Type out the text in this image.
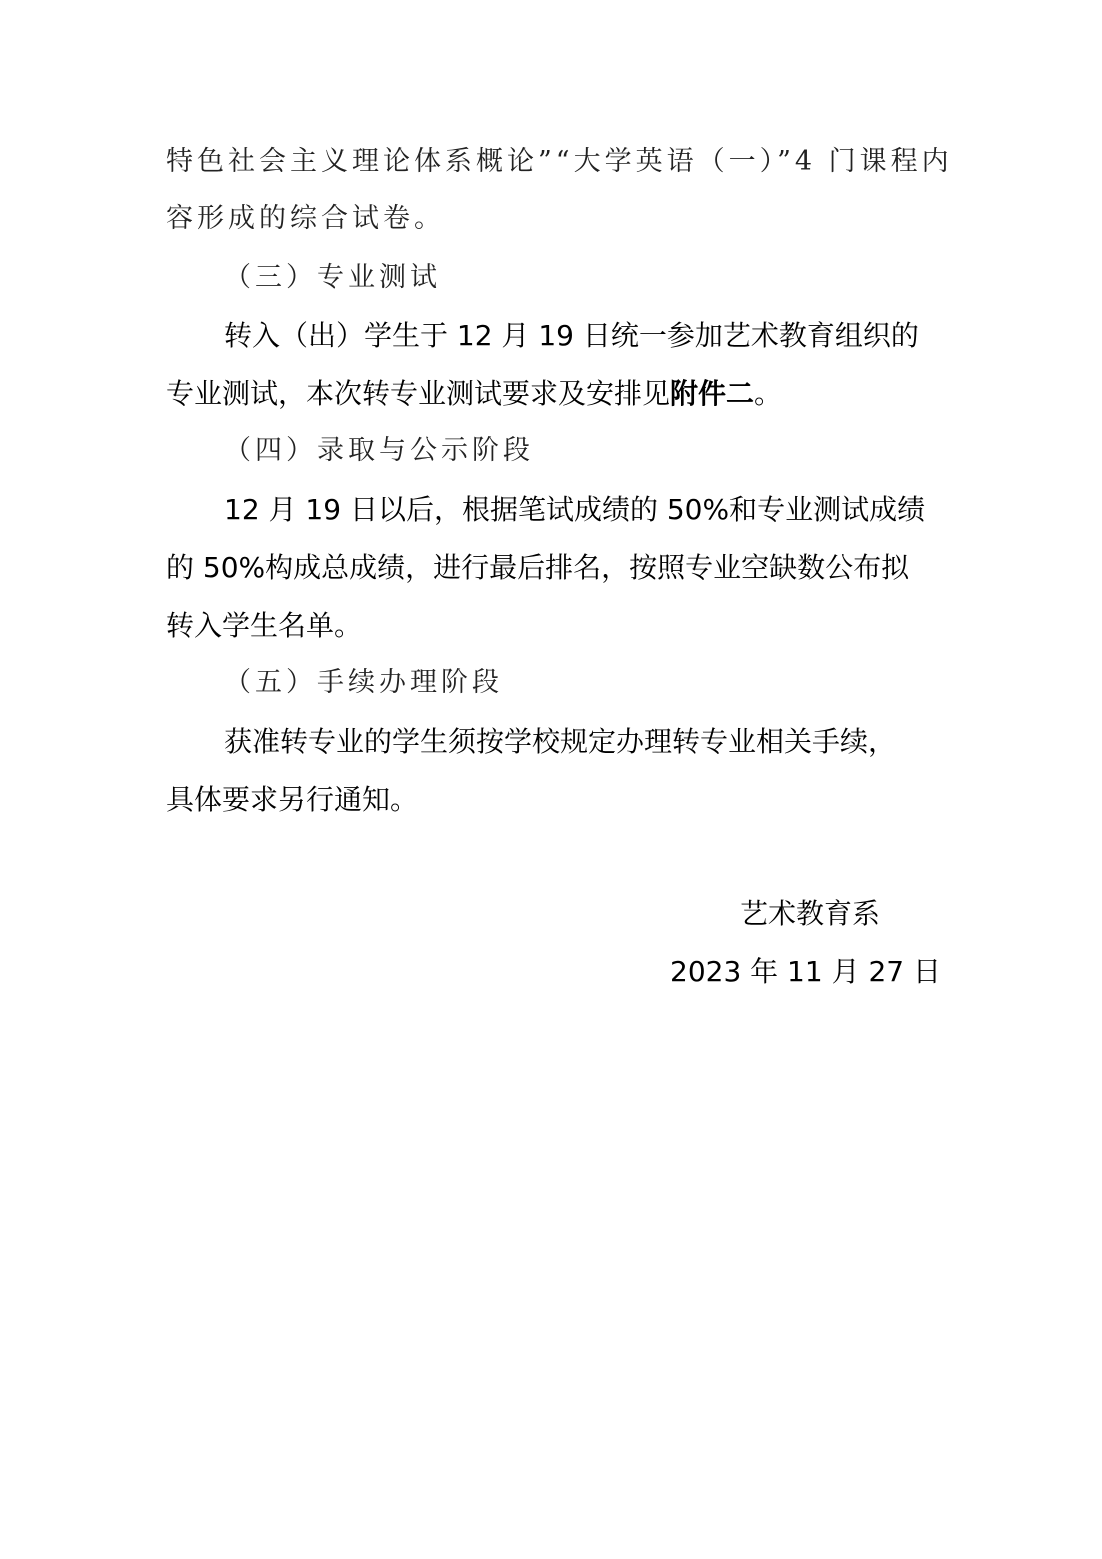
特色社会主义理论体系概论”“大学英语（一）”4 门课程内
容形成的综合试卷。
（三）专业测试
转入（出）学生于 12 月 19 日统一参加艺术教育组织的
专业测试，本次转专业测试要求及安排见附件二。
（四）录取与公示阶段
12 月 19 日以后，根据笔试成绩的 50%和专业测试成绩
的 50%构成总成绩，进行最后排名，按照专业空缺数公布拟
转入学生名单。
（五）手续办理阶段
获准转专业的学生须按学校规定办理转专业相关手续，
具体要求另行通知。
艺术教育系
2023 年 11 月 27 日
